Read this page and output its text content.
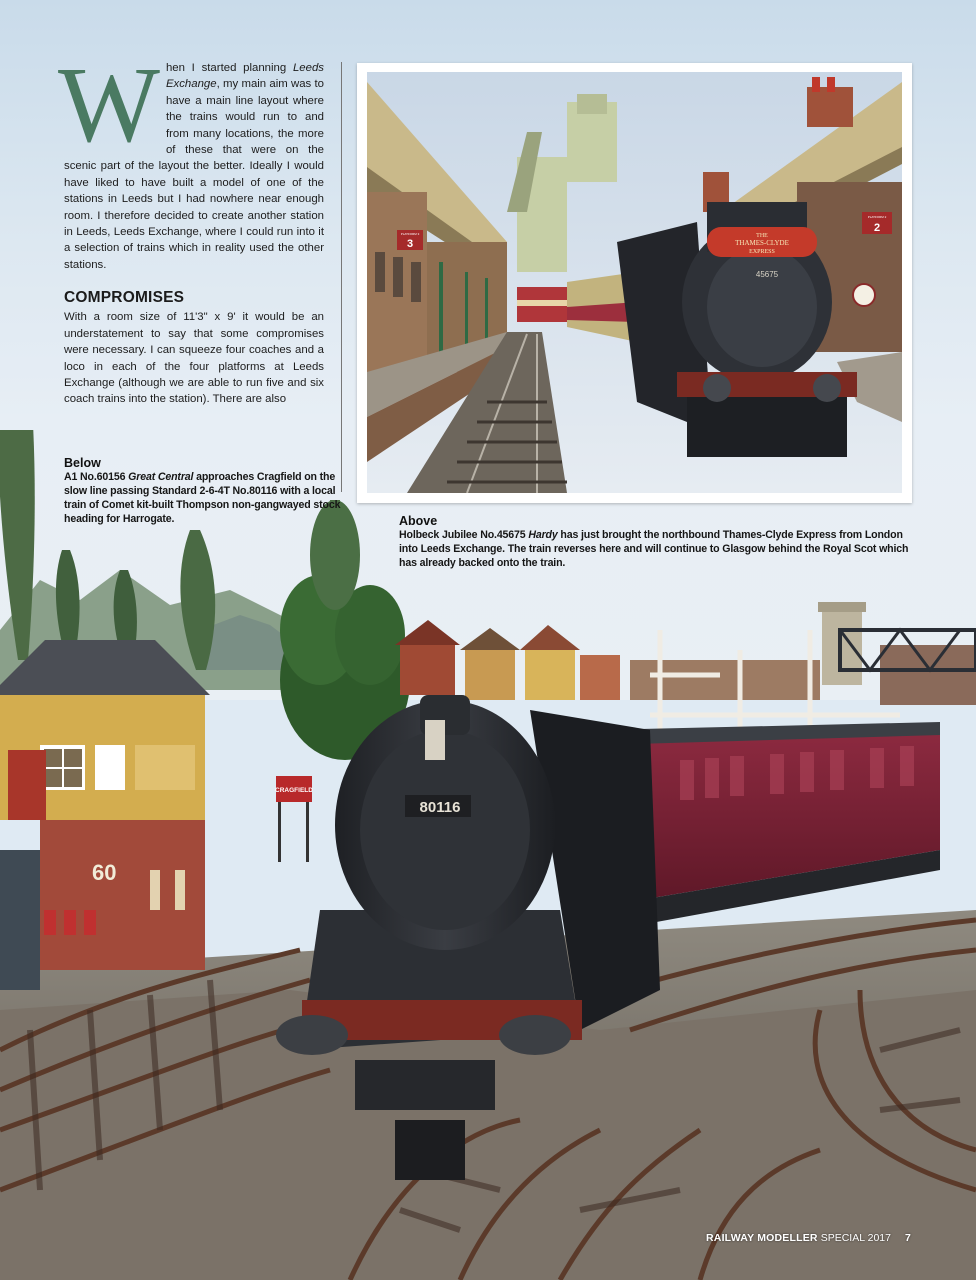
60
CRAGFIELD
80116
When I started planning Leeds Exchange, my main aim was to have a main line layout where the trains would run to and from many locations, the more of these that were on the scenic part of the layout the better. Ideally I would have liked to have built a model of one of the stations in Leeds but I had nowhere near enough room. I therefore decided to create another station in Leeds, Leeds Exchange, where I could run into it a selection of trains which in reality used the other stations.
COMPROMISES

With a room size of 11'3" x 9' it would be an understatement to say that some compromises were necessary. I can squeeze four coaches and a loco in each of the four platforms at Leeds Exchange (although we are able to run five and six coach trains into the station). There are also

Below
A1 No.60156 Great Central approaches Cragfield on the slow line passing Standard 2-6-4T No.80116 with a local train of Comet kit-built Thompson non-gangwayed stock heading for Harrogate.	Above
Holbeck Jubilee No.45675 Hardy has just brought the northbound Thames-Clyde Express from London into Leeds Exchange. The train reverses here and will continue to Glasgow behind the Royal Scot which has already backed onto the train.
PLATFORM 3
3
PLATFORM 2
2
THE
THAMES-CLYDE
EXPRESS
45675
RAILWAY MODELLER SPECIAL 2017 7
